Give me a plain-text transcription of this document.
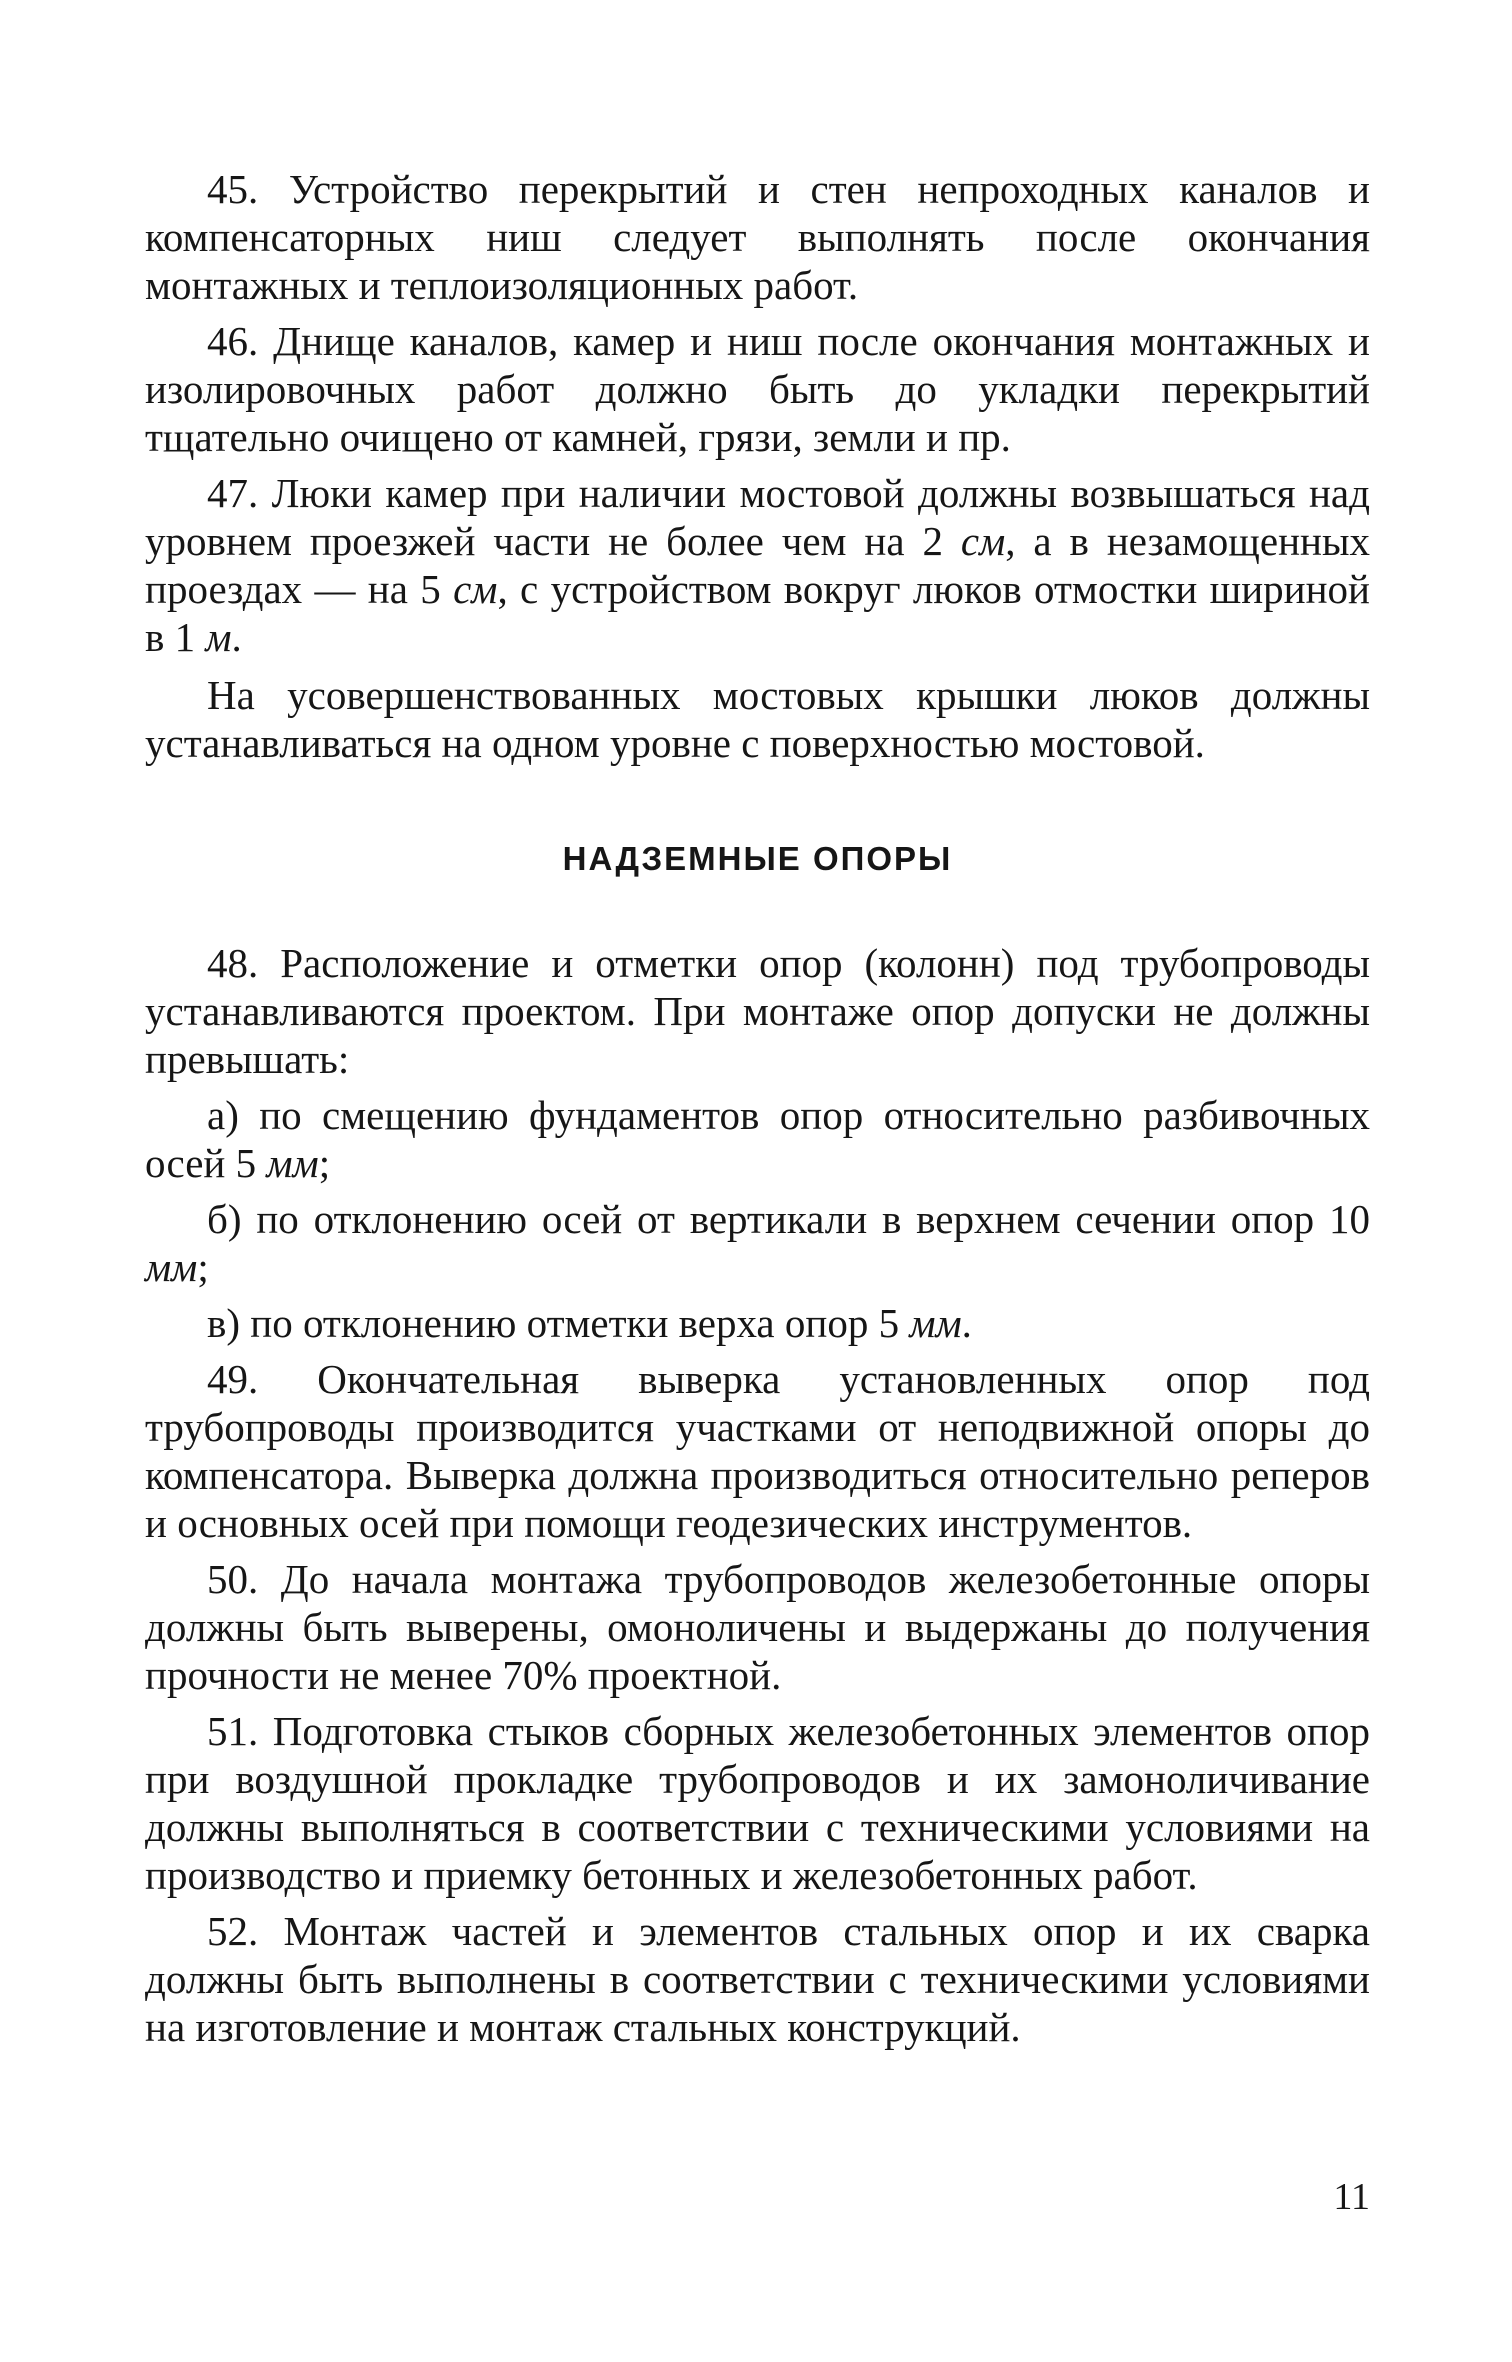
45. Устройство перекрытий и стен непроходных каналов и компенсаторных ниш следует выполнять после окончания монтажных и теплоизоляционных работ.

46. Днище каналов, камер и ниш после окончания монтажных и изолировочных работ должно быть до укладки перекрытий тщательно очищено от камней, грязи, земли и пр.

47. Люки камер при наличии мостовой должны возвышаться над уровнем проезжей части не более чем на 2 см, а в незамощенных проездах — на 5 см, с устройством вокруг люков отмостки шириной в 1 м.

На усовершенствованных мостовых крышки люков должны устанавливаться на одном уровне с поверхностью мостовой.

НАДЗЕМНЫЕ ОПОРЫ

48. Расположение и отметки опор (колонн) под трубопроводы устанавливаются проектом. При монтаже опор допуски не должны превышать:

а) по смещению фундаментов опор относительно разбивочных осей 5 мм;

б) по отклонению осей от вертикали в верхнем сечении опор 10 мм;

в) по отклонению отметки верха опор 5 мм.

49. Окончательная выверка установленных опор под трубопроводы производится участками от неподвижной опоры до компенсатора. Выверка должна производиться относительно реперов и основных осей при помощи геодезических инструментов.

50. До начала монтажа трубопроводов железобетонные опоры должны быть выверены, омоноличены и выдержаны до получения прочности не менее 70% проектной.

51. Подготовка стыков сборных железобетонных элементов опор при воздушной прокладке трубопроводов и их замоноличивание должны выполняться в соответствии с техническими условиями на производство и приемку бетонных и железобетонных работ.

52. Монтаж частей и элементов стальных опор и их сварка должны быть выполнены в соответствии с техническими условиями на изготовление и монтаж стальных конструкций.

11
